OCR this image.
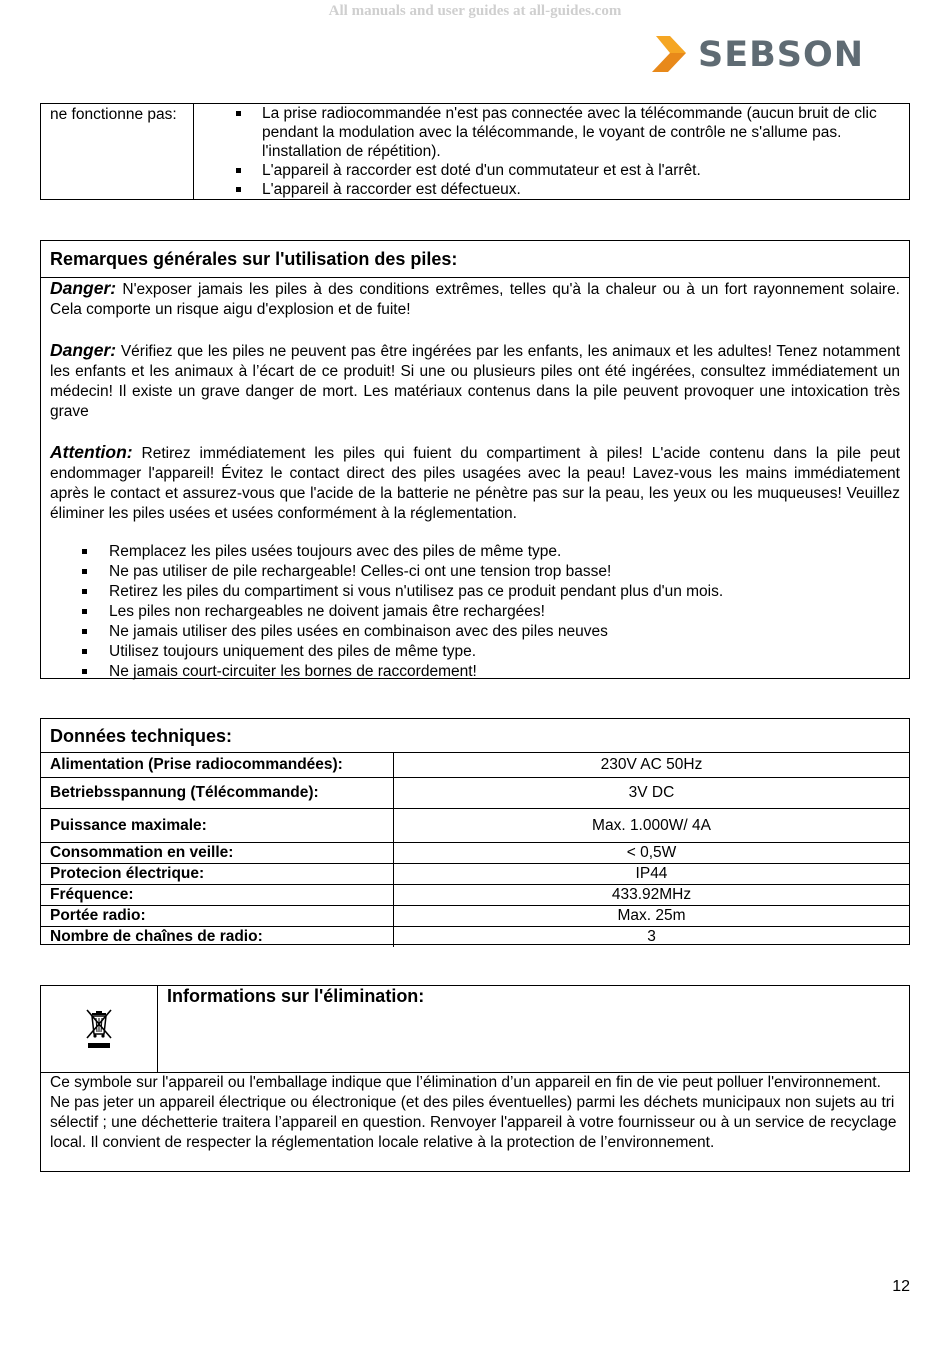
All manuals and user guides at all-guides.com
SEBSON
ne fonctionne pas:	La prise radiocommandée n'est pas connectée avec la télécommande (aucun bruit de clic pendant la modulation avec la télécommande, le voyant de contrôle ne s'allume pas. l'installation de répétition).
L'appareil à raccorder est doté d'un commutateur et est à l'arrêt.
L'appareil à raccorder est défectueux.
Remarques générales sur l'utilisation des piles:

Danger: N'exposer jamais les piles à des conditions extrêmes, telles qu'à la chaleur ou à un fort rayonnement solaire. Cela comporte un risque aigu d'explosion et de fuite!

Danger: Vérifiez que les piles ne peuvent pas être ingérées par les enfants, les animaux et les adultes! Tenez notamment les enfants et les animaux à l’écart de ce produit! Si une ou plusieurs piles ont été ingérées, consultez immédiatement un médecin! Il existe un grave danger de mort. Les matériaux contenus dans la pile peuvent provoquer une intoxication très grave

Attention: Retirez immédiatement les piles qui fuient du compartiment à piles! L'acide contenu dans la pile peut endommager l'appareil! Évitez le contact direct des piles usagées avec la peau! Lavez-vous les mains immédiatement après le contact et assurez-vous que l'acide de la batterie ne pénètre pas sur la peau, les yeux ou les muqueuses! Veuillez éliminer les piles usées et usées conformément à la réglementation.

Remplacez les piles usées toujours avec des piles de même type.
Ne pas utiliser de pile rechargeable! Celles-ci ont une tension trop basse!
Retirez les piles du compartiment si vous n'utilisez pas ce produit pendant plus d'un mois.
Les piles non rechargeables ne doivent jamais être rechargées!
Ne jamais utiliser des piles usées en combinaison avec des piles neuves
Utilisez toujours uniquement des piles de même type.
Ne jamais court-circuiter les bornes de raccordement!
Données techniques:
Alimentation (Prise radiocommandées):	230V AC 50Hz
Betriebsspannung (Télécommande):	3V DC
Puissance maximale:	Max. 1.000W/ 4A
Consommation en veille:	< 0,5W
Protecion électrique:	IP44
Fréquence:	433.92MHz
Portée radio:	Max. 25m
Nombre de chaînes de radio:	3
Informations sur l'élimination:
Ce symbole sur l'appareil ou l'emballage indique que l’élimination d’un appareil en fin de vie peut polluer l'environnement. Ne pas jeter un appareil électrique ou électronique (et des piles éventuelles) parmi les déchets municipaux non sujets au tri sélectif ; une déchetterie traitera l’appareil en question. Renvoyer l'appareil à votre fournisseur ou à un service de recyclage local. Il convient de respecter la réglementation locale relative à la protection de l’environnement.
12
